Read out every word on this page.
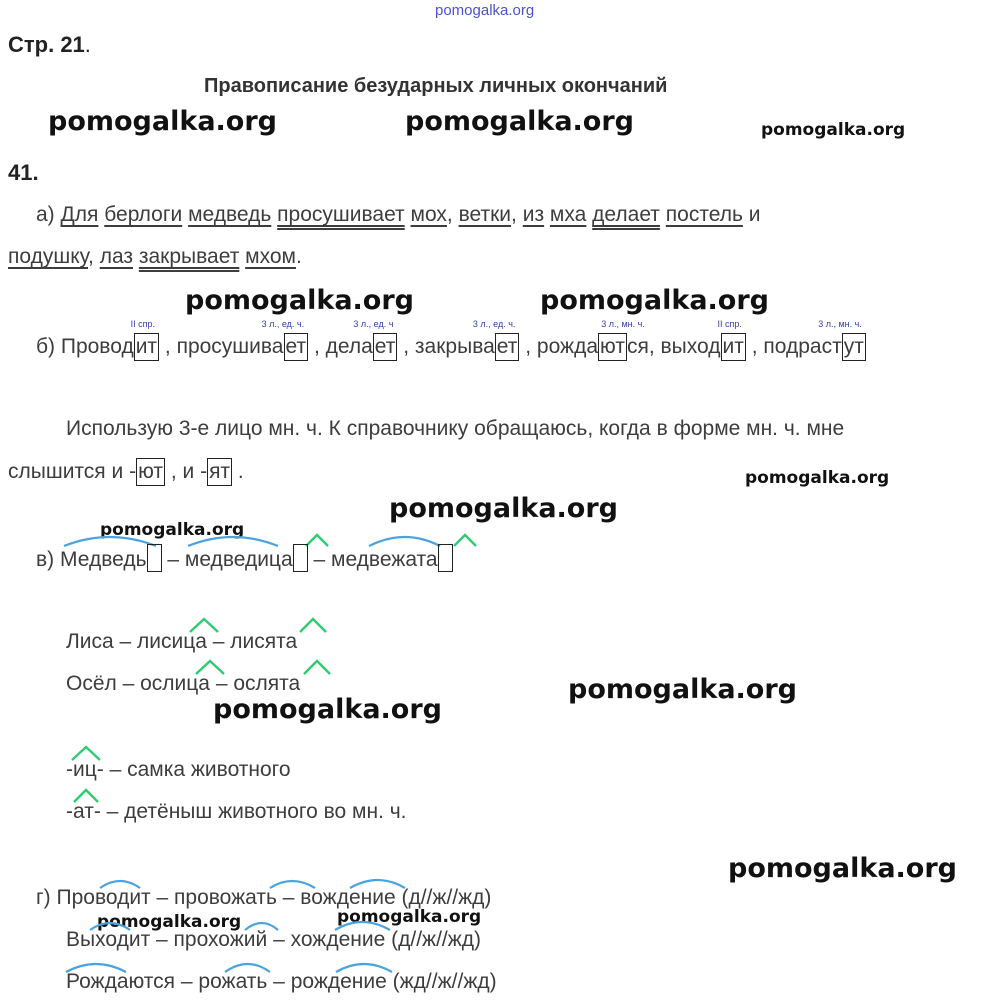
pomogalka.org
pomogalka.org	pomogalka.org	pomogalka.org
pomogalka.org	pomogalka.org
pomogalka.org
pomogalka.org
pomogalka.org
pomogalka.org
pomogalka.org
pomogalka.org
pomogalka.org	pomogalka.org
Стр. 21.
Правописание безударных личных окончаний
41.
а) Для берлоги медведь просушивает мох, ветки, из мха делает постель и
подушку, лаз закрывает мхом.
б) Проводит
II спр.
, просушивает
3 л., ед. ч.
, делает
3 л., ед. ч
, закрывает
3 л., ед. ч.
, рождаются
3 л., мн. ч.
, выходит
II спр.
, подрастут
3 л., мн. ч.
Использую 3-е лицо мн. ч. К справочнику обращаюсь, когда в форме мн. ч. мне
слышится и -ют , и -ят .
в) Медведь – медведица – медвежата
Лиса – лисица – лисята
Осёл – ослица – ослята
-иц- – самка животного
-ат- – детёныш животного во мн. ч.
г) Проводит – провожать – вождение (д//ж//жд)
Выходит – прохожий – хождение (д//ж//жд)
Рождаются – рожать – рождение (жд//ж//жд)
